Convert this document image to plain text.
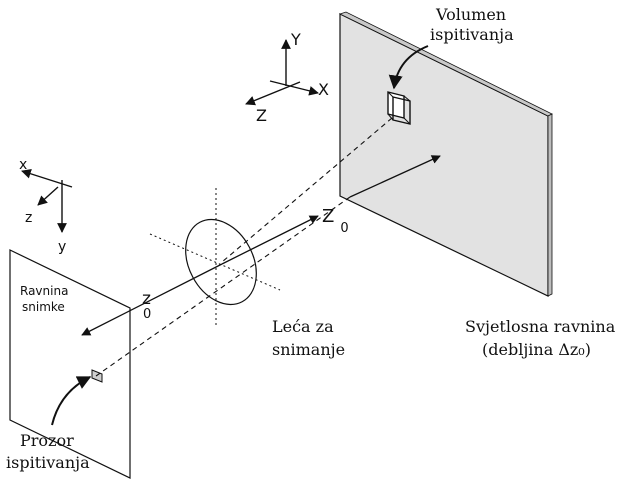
Volumen
ispitivanja
Y
X
Z
x
z
y
$Z_0$
z 0
Ravnina
snimke
Leća za
snimanje
Svjetlosna ravnina
(debljina Δz₀)
Prozor
ispitivanja
